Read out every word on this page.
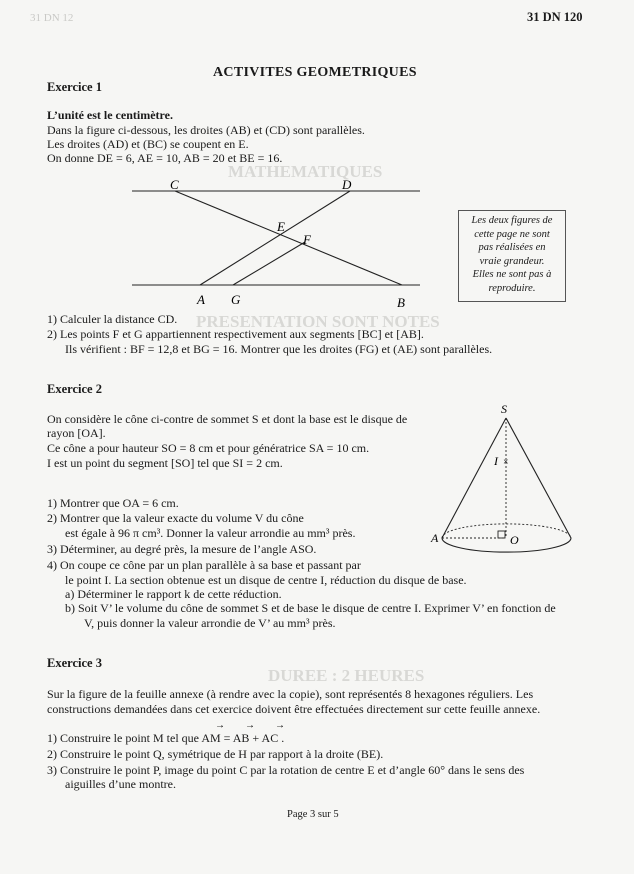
31 DN 12
MATHEMATIQUES
PRESENTATION SONT NOTES
DUREE : 2 HEURES
31 DN 120
ACTIVITES GEOMETRIQUES
Exercice 1
L’unité est le centimètre.
Dans la figure ci-dessous, les droites (AB) et (CD) sont parallèles.
Les droites (AD) et (BC) se coupent en E.
On donne DE = 6, AE = 10, AB = 20 et BE = 16.
C	D
E
F
A G	B
×
S
I
A	O
Les deux figures de
cette page ne sont
pas réalisées en
vraie grandeur.
Elles ne sont pas à
reproduire.
1) Calculer la distance CD.
2) Les points F et G appartiennent respectivement aux segments [BC] et [AB].
Ils vérifient : BF = 12,8 et BG = 16. Montrer que les droites (FG) et (AE) sont parallèles.
Exercice 2
On considère le cône ci-contre de sommet S et dont la base est le disque de
rayon [OA].
Ce cône a pour hauteur SO = 8 cm et pour génératrice SA = 10 cm.
I est un point du segment [SO] tel que SI = 2 cm.
1) Montrer que OA = 6 cm.
2) Montrer que la valeur exacte du volume V du cône
est égale à 96 π cm³. Donner la valeur arrondie au mm³ près.
3) Déterminer, au degré près, la mesure de l’angle ASO.
4) On coupe ce cône par un plan parallèle à sa base et passant par
le point I. La section obtenue est un disque de centre I, réduction du disque de base.
a) Déterminer le rapport k de cette réduction.
b) Soit V’ le volume du cône de sommet S et de base le disque de centre I. Exprimer V’ en fonction de
V, puis donner la valeur arrondie de V’ au mm³ près.
Exercice 3
Sur la figure de la feuille annexe (à rendre avec la copie), sont représentés 8 hexagones réguliers. Les
constructions demandées dans cet exercice doivent être effectuées directement sur cette feuille annexe.
→ → →
1) Construire le point M tel que AM = AB + AC .
2) Construire le point Q, symétrique de H par rapport à la droite (BE).
3) Construire le point P, image du point C par la rotation de centre E et d’angle 60° dans le sens des
aiguilles d’une montre.
Page 3 sur 5
